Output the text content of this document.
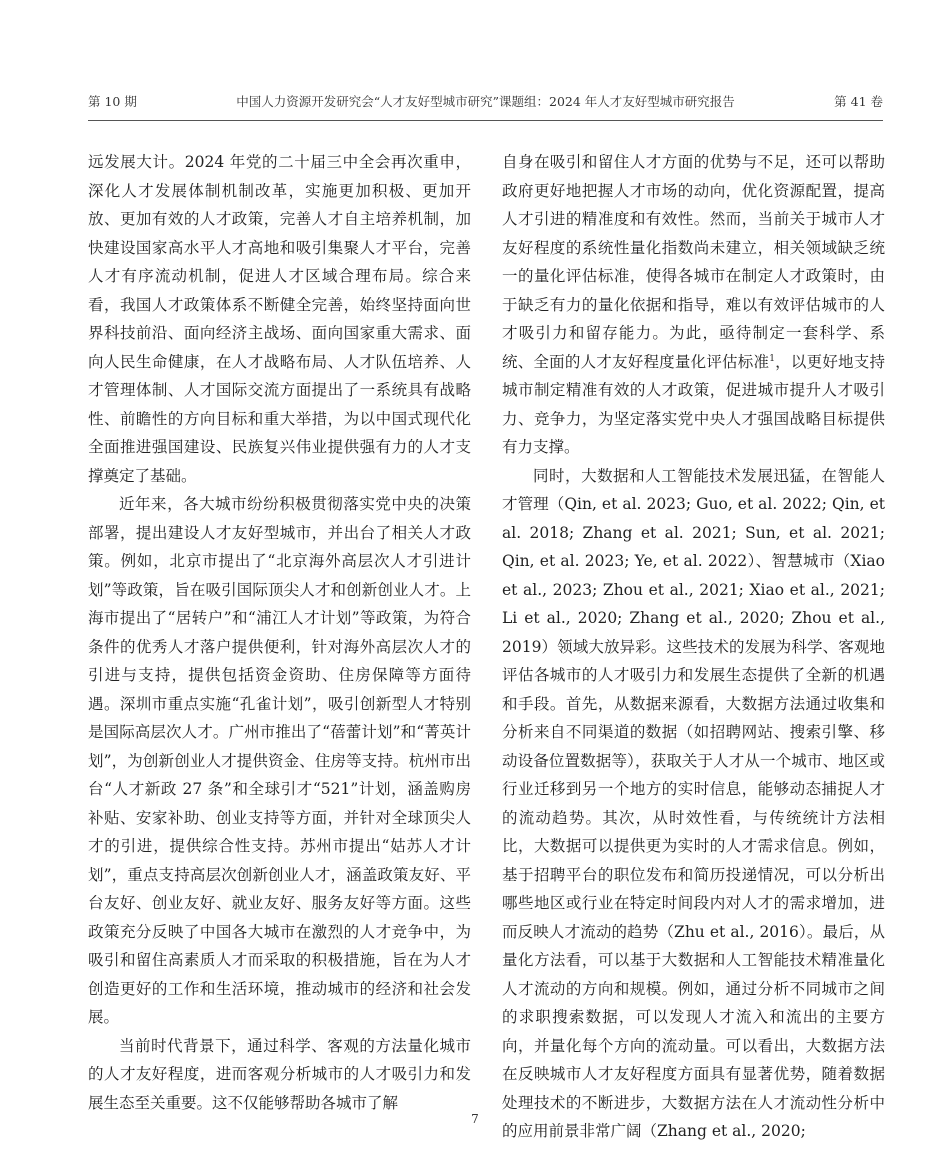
第 10 期	中国人力资源开发研究会“人才友好型城市研究”课题组：2024 年人才友好型城市研究报告	第 41 卷

远发展大计。2024 年党的二十届三中全会再次重申，深化人才发展体制机制改革，实施更加积极、更加开放、更加有效的人才政策，完善人才自主培养机制，加快建设国家高水平人才高地和吸引集聚人才平台，完善人才有序流动机制，促进人才区域合理布局。综合来看，我国人才政策体系不断健全完善，始终坚持面向世界科技前沿、面向经济主战场、面向国家重大需求、面向人民生命健康，在人才战略布局、人才队伍培养、人才管理体制、人才国际交流方面提出了一系统具有战略性、前瞻性的方向目标和重大举措，为以中国式现代化全面推进强国建设、民族复兴伟业提供强有力的人才支撑奠定了基础。

近年来，各大城市纷纷积极贯彻落实党中央的决策部署，提出建设人才友好型城市，并出台了相关人才政策。例如，北京市提出了“北京海外高层次人才引进计划”等政策，旨在吸引国际顶尖人才和创新创业人才。上海市提出了“居转户”和“浦江人才计划”等政策，为符合条件的优秀人才落户提供便利，针对海外高层次人才的引进与支持，提供包括资金资助、住房保障等方面待遇。深圳市重点实施“孔雀计划”，吸引创新型人才特别是国际高层次人才。广州市推出了“蓓蕾计划”和“菁英计划”，为创新创业人才提供资金、住房等支持。杭州市出台“人才新政 27 条”和全球引才“521”计划，涵盖购房补贴、安家补助、创业支持等方面，并针对全球顶尖人才的引进，提供综合性支持。苏州市提出“姑苏人才计划”，重点支持高层次创新创业人才，涵盖政策友好、平台友好、创业友好、就业友好、服务友好等方面。这些政策充分反映了中国各大城市在激烈的人才竞争中，为吸引和留住高素质人才而采取的积极措施，旨在为人才创造更好的工作和生活环境，推动城市的经济和社会发展。

当前时代背景下，通过科学、客观的方法量化城市的人才友好程度，进而客观分析城市的人才吸引力和发展生态至关重要。这不仅能够帮助各城市了解

自身在吸引和留住人才方面的优势与不足，还可以帮助政府更好地把握人才市场的动向，优化资源配置，提高人才引进的精准度和有效性。然而，当前关于城市人才友好程度的系统性量化指数尚未建立，相关领域缺乏统一的量化评估标准，使得各城市在制定人才政策时，由于缺乏有力的量化依据和指导，难以有效评估城市的人才吸引力和留存能力。为此，亟待制定一套科学、系统、全面的人才友好程度量化评估标准$^1$，以更好地支持城市制定精准有效的人才政策，促进城市提升人才吸引力、竞争力，为坚定落实党中央人才强国战略目标提供有力支撑。

同时，大数据和人工智能技术发展迅猛，在智能人才管理（Qin, et al. 2023; Guo, et al. 2022; Qin, et al. 2018; Zhang et al. 2021; Sun, et al. 2021; Qin, et al. 2023; Ye, et al. 2022）、智慧城市（Xiao et al., 2023; Zhou et al., 2021; Xiao et al., 2021; Li et al., 2020; Zhang et al., 2020; Zhou et al., 2019）领域大放异彩。这些技术的发展为科学、客观地评估各城市的人才吸引力和发展生态提供了全新的机遇和手段。首先，从数据来源看，大数据方法通过收集和分析来自不同渠道的数据（如招聘网站、搜索引擎、移动设备位置数据等），获取关于人才从一个城市、地区或行业迁移到另一个地方的实时信息，能够动态捕捉人才的流动趋势。其次，从时效性看，与传统统计方法相比，大数据可以提供更为实时的人才需求信息。例如，基于招聘平台的职位发布和简历投递情况，可以分析出哪些地区或行业在特定时间段内对人才的需求增加，进而反映人才流动的趋势（Zhu et al., 2016）。最后，从量化方法看，可以基于大数据和人工智能技术精准量化人才流动的方向和规模。例如，通过分析不同城市之间的求职搜索数据，可以发现人才流入和流出的主要方向，并量化每个方向的流动量。可以看出，大数据方法在反映城市人才友好程度方面具有显著优势，随着数据处理技术的不断进步，大数据方法在人才流动性分析中的应用前景非常广阔（Zhang et al., 2020;

7
